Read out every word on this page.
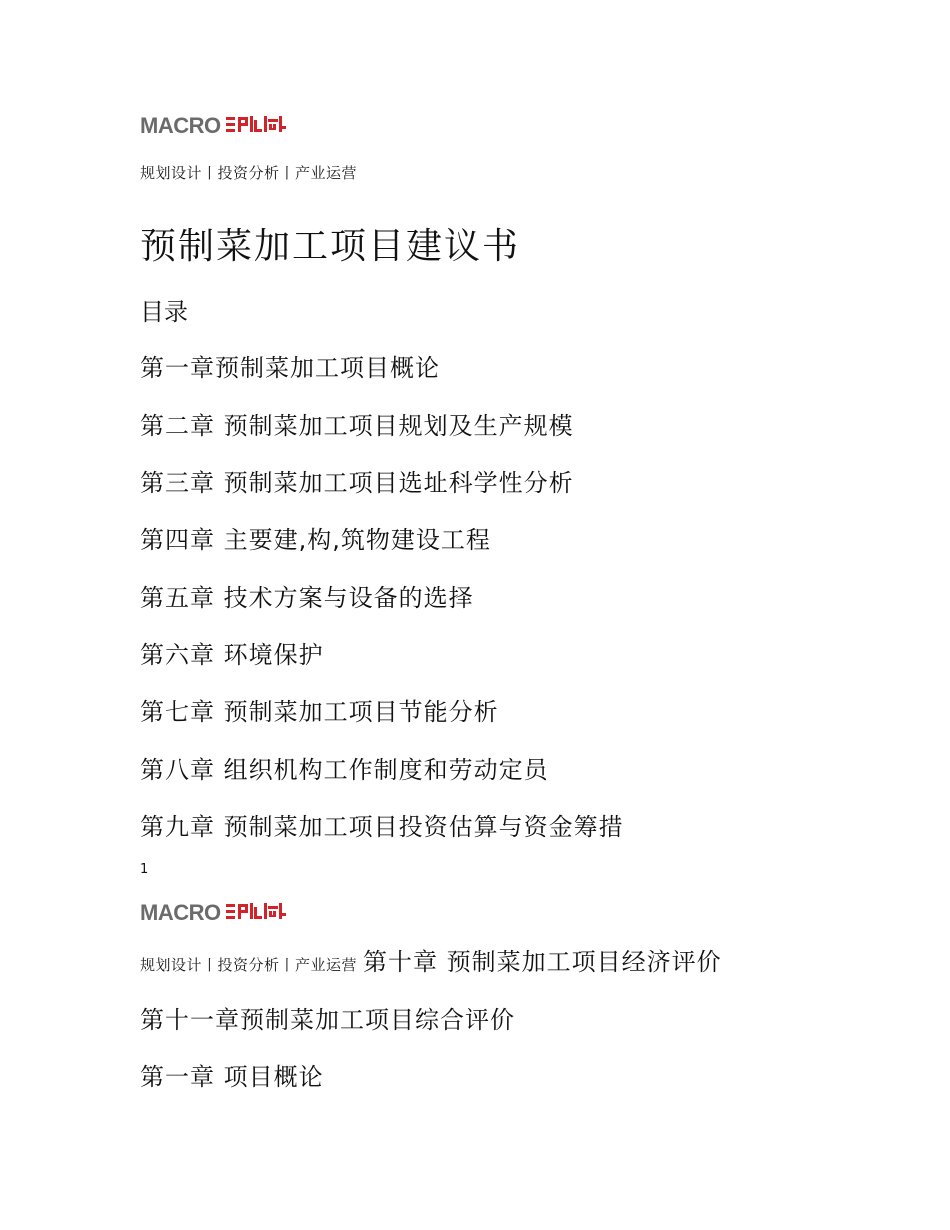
MACRO
规划设计丨投资分析丨产业运营
预制菜加工项目建议书
目录
第一章预制菜加工项目概论
第二章 预制菜加工项目规划及生产规模
第三章 预制菜加工项目选址科学性分析
第四章 主要建,构,筑物建设工程
第五章 技术方案与设备的选择
第六章 环境保护
第七章 预制菜加工项目节能分析
第八章 组织机构工作制度和劳动定员
第九章 预制菜加工项目投资估算与资金筹措
1
MACRO
规划设计丨投资分析丨产业运营 第十章 预制菜加工项目经济评价
第十一章预制菜加工项目综合评价
第一章 项目概论
